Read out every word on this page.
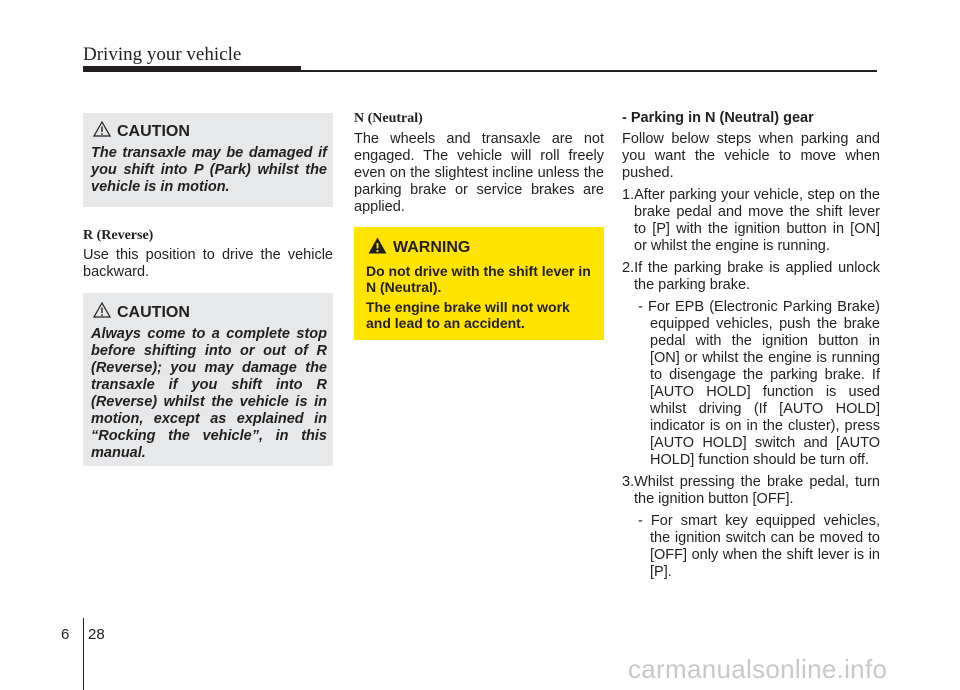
Driving your vehicle
CAUTION
The transaxle may be damaged if you shift into P (Park) whilst the vehicle is in motion.
R (Reverse)
Use this position to drive the vehicle backward.
CAUTION
Always come to a complete stop before shifting into or out of R (Reverse); you may damage the transaxle if you shift into R (Reverse) whilst the vehicle is in motion, except as explained in “Rocking the vehicle”, in this manual.
N (Neutral)
The wheels and transaxle are not engaged. The vehicle will roll freely even on the slightest incline unless the parking brake or service brakes are applied.
WARNING
Do not drive with the shift lever in N (Neutral).
The engine brake will not work and lead to an accident.
- Parking in N (Neutral) gear

Follow below steps when parking and you want the vehicle to move when pushed.

1.After parking your vehicle, step on the brake pedal and move the shift lever to [P] with the ignition button in [ON] or whilst the engine is running.

2.If the parking brake is applied unlock the parking brake.

- For EPB (Electronic Parking Brake) equipped vehicles, push the brake pedal with the ignition button in [ON] or whilst the engine is running to disengage the parking brake. If [AUTO HOLD] function is used whilst driving (If [AUTO HOLD] indicator is on in the cluster), press [AUTO HOLD] switch and [AUTO HOLD] function should be turn off.

3.Whilst pressing the brake pedal, turn the ignition button [OFF].

- For smart key equipped vehicles, the ignition switch can be moved to [OFF] only when the shift lever is in [P].

6 28
carmanualsonline.info
